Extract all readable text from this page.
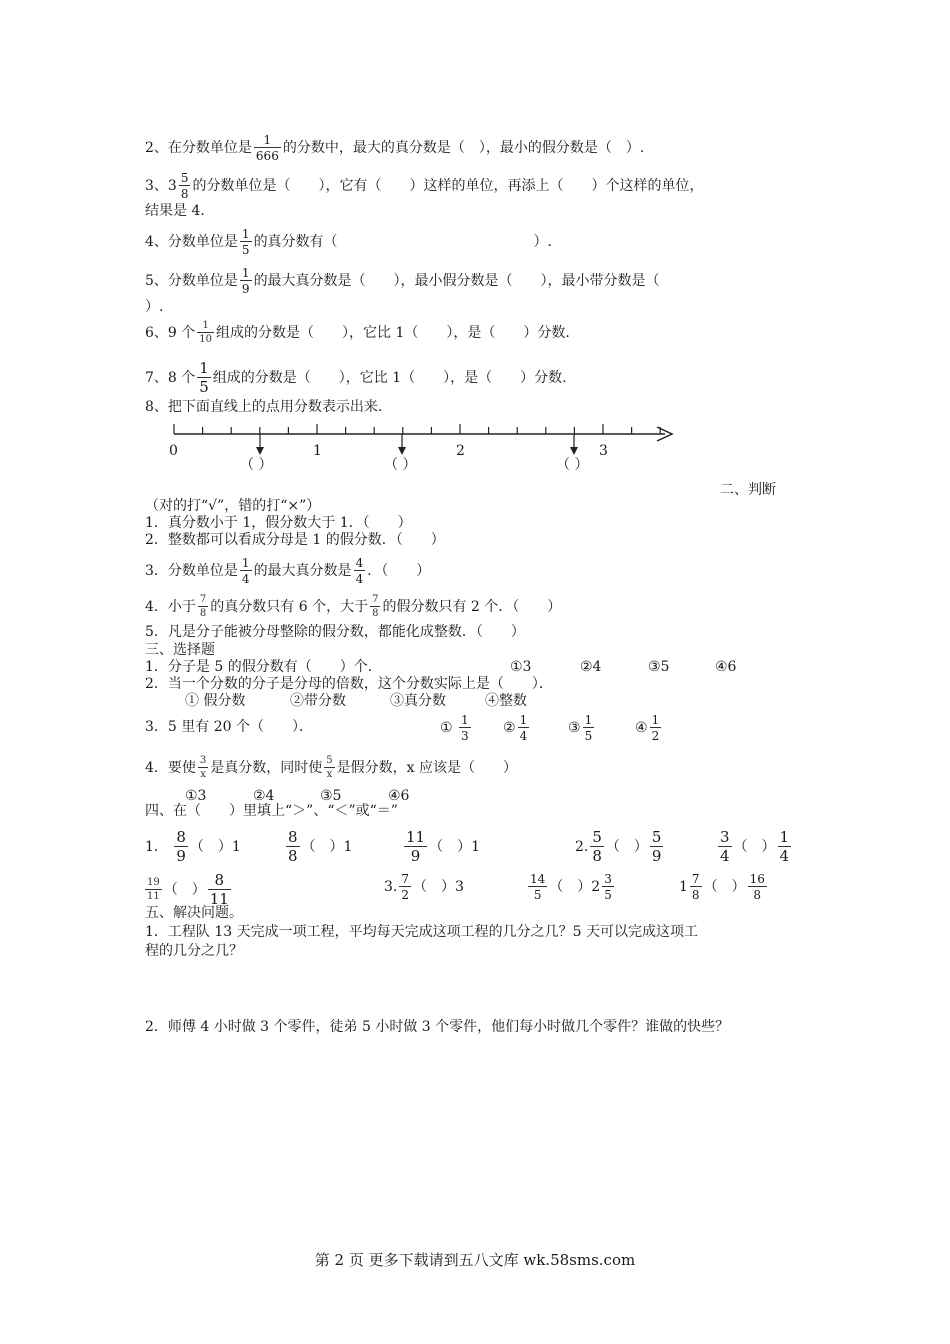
2、在分数单位是 $\frac{1}{666}$ 的分数中，最大的真分数是（　），最小的假分数是（　）.
3、$3 \frac{5}{8}$ 的分数单位是（　　），它有（　　）这样的单位，再添上（　　）个这样的单位，
结果是 4.
4、分数单位是 $\frac{1}{5}$ 的真分数有（　　　　　　　　　　　　　　）.
5、分数单位是 $\frac{1}{9}$ 的最大真分数是（　　），最小假分数是（　　），最小带分数是（
）.
6、9 个 $\frac{1}{10}$ 组成的分数是（　　），它比 1（　　），是（　　）分数.
7、8 个 $\frac{1}{5}$ 组成的分数是（　　），它比 1（　　），是（　　）分数.
8、把下面直线上的点用分数表示出来.
0	1	2	3
（ ）	（ ）	（ ）
二、判断
（对的打“√”，错的打“×”）
1．真分数小于 1，假分数大于 1．（　　）
2．整数都可以看成分母是 1 的假分数．（　　）
3．分数单位是 $\frac{1}{4}$ 的最大真分数是 $\frac{4}{4}$ ．（　　）
4．小于 $\frac{7}{8}$ 的真分数只有 6 个，大于 $\frac{7}{8}$ 的假分数只有 2 个．（　　）
5．凡是分子能被分母整除的假分数，都能化成整数．（　　）
三、选择题
1．分子是 5 的假分数有（　　）个．	①3	②4	③5	④6
2．当一个分数的分子是分母的倍数，这个分数实际上是（　　）．
① 假分数	②带分数	③真分数	④整数
3．5 里有 20 个（　　）．	① $\frac{1}{3}$ ② $\frac{1}{4}$	③ $\frac{1}{5}$	④ $\frac{1}{2}$
4．要使 $\frac{3}{x}$ 是真分数，同时使 $\frac{5}{x}$ 是假分数，x 应该是（　　）
①3	②4	③5	④6
四、在（　　）里填上“＞”、“＜”或“＝”
1． $\frac{8}{9}$ （　）1	$\frac{8}{8}$ （　）1	$\frac{11}{9}$ （　）1	2. $\frac{5}{8}$ （　） $\frac{5}{9}$	$\frac{3}{4}$ （　） $\frac{1}{4}$
$\frac{19}{11}$ （　） $\frac{8}{11}$	3. $\frac{7}{2}$ （　）3	$\frac{14}{5}$ （　）$2 \frac{3}{5}$	$1 \frac{7}{8}$ （　） $\frac{16}{8}$
五、解决问题。
1．工程队 13 天完成一项工程，平均每天完成这项工程的几分之几？5 天可以完成这项工
程的几分之几？
2．师傅 4 小时做 3 个零件，徒弟 5 小时做 3 个零件，他们每小时做几个零件？谁做的快些？
第 2 页 更多下载请到五八文库 wk.58sms.com
